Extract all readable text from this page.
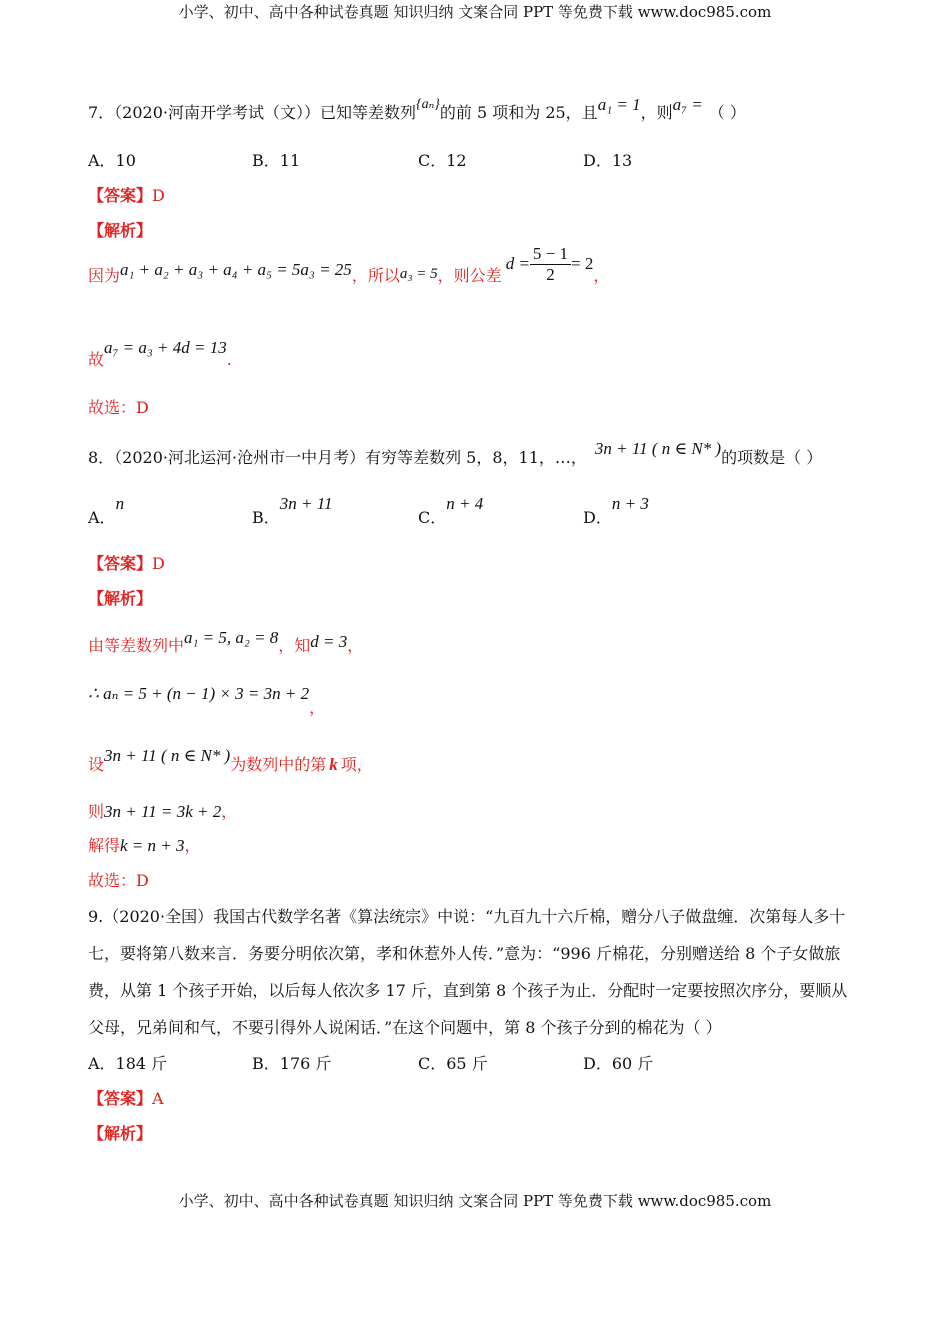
小学、初中、高中各种试卷真题 知识归纳 文案合同 PPT 等免费下载 www.doc985.com
7．（2020·河南开学考试（文））已知等差数列{aₙ}的前 5 项和为 25，且a₁ = 1，则a₇ = （ ）
A．10	B．11	C．12	D．13
【答案】D
【解析】
因为a₁ + a₂ + a₃ + a₄ + a₅ = 5a₃ = 25，所以a₃ = 5，则公差$d = \frac{5 - 1}{2} = 2$，
故a₇ = a₃ + 4d = 13.
故选：D
8．（2020·河北运河·沧州市一中月考）有穷等差数列 5，8，11，…， 3n + 11 ( n ∈ N* )的项数是（ ）
A．n
B．3n + 11
C．n + 4
D．n + 3
【答案】D
【解析】
由等差数列中a₁ = 5, a₂ = 8，知d = 3，
∴ aₙ = 5 + (n − 1) × 3 = 3n + 2，
设3n + 11 ( n ∈ N* )为数列中的第 k 项，
则3n + 11 = 3k + 2，
解得k = n + 3，
故选：D
9.（2020·全国）我国古代数学名著《算法统宗》中说：“九百九十六斤棉，赠分八子做盘缠．次第每人多十七，要将第八数来言．务要分明依次第，孝和休惹外人传．”意为：“996 斤棉花，分别赠送给 8 个子女做旅费，从第 1 个孩子开始，以后每人依次多 17 斤，直到第 8 个孩子为止．分配时一定要按照次序分，要顺从父母，兄弟间和气，不要引得外人说闲话．”在这个问题中，第 8 个孩子分到的棉花为（ ）
A．184 斤	B．176 斤	C．65 斤	D．60 斤
【答案】A
【解析】
小学、初中、高中各种试卷真题 知识归纳 文案合同 PPT 等免费下载 www.doc985.com
